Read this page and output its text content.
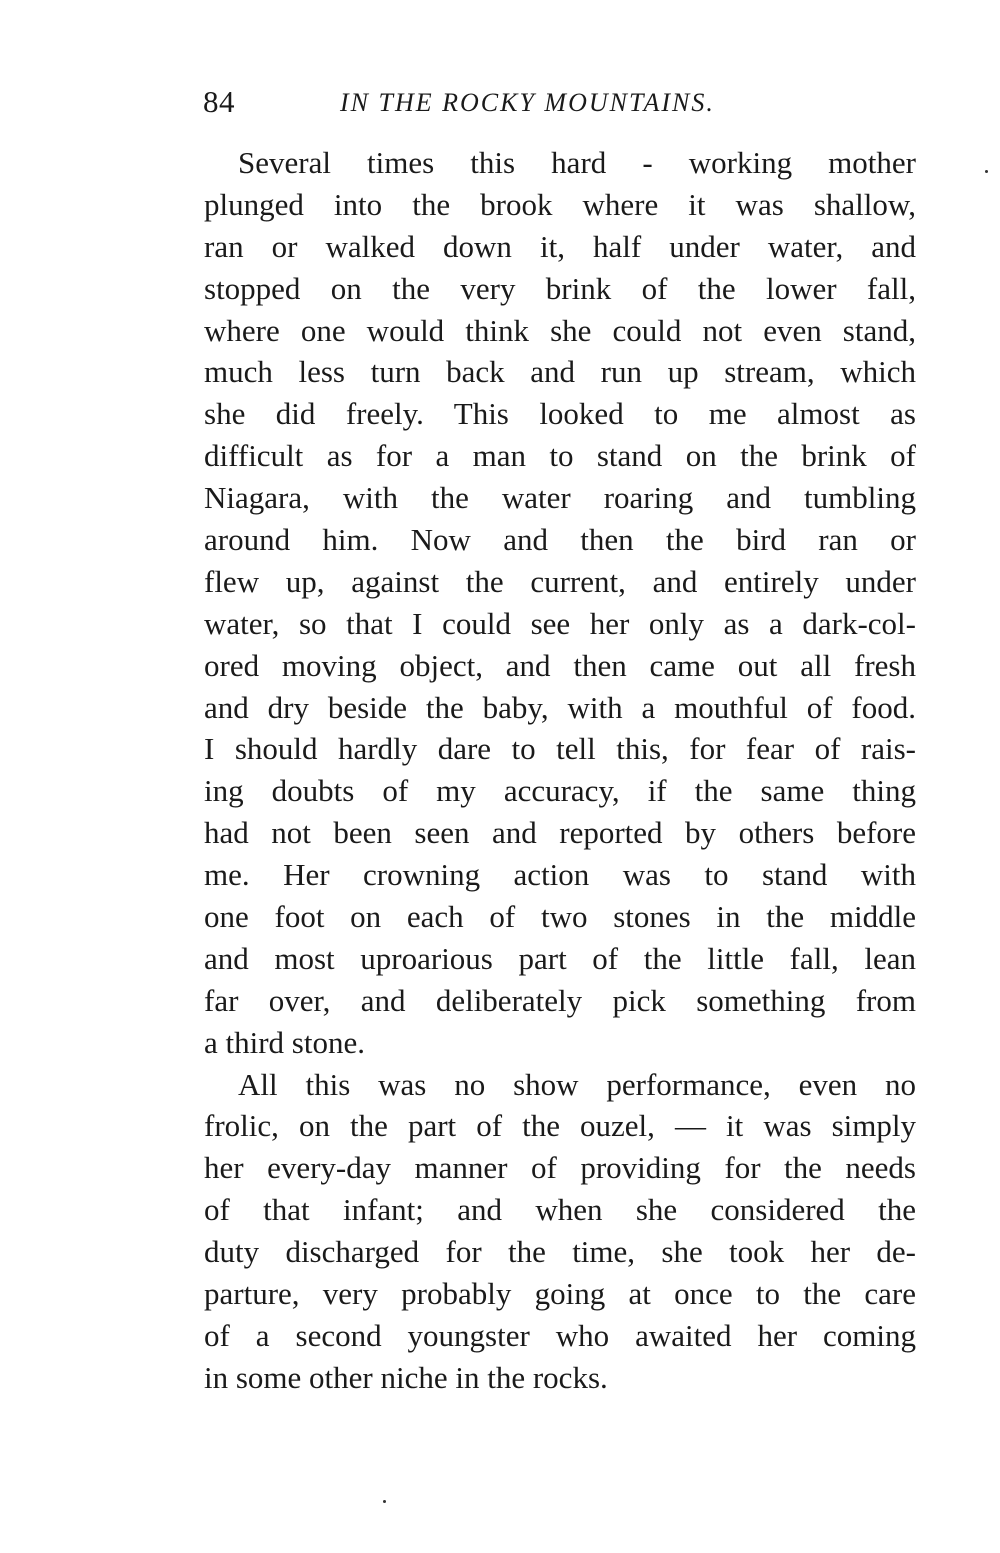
84	IN THE ROCKY MOUNTAINS.
Several times this hard - working mother
plunged into the brook where it was shallow,
ran or walked down it, half under water, and
stopped on the very brink of the lower fall,
where one would think she could not even stand,
much less turn back and run up stream, which
she did freely. This looked to me almost as
difficult as for a man to stand on the brink of
Niagara, with the water roaring and tumbling
around him. Now and then the bird ran or
flew up, against the current, and entirely under
water, so that I could see her only as a dark-col-
ored moving object, and then came out all fresh
and dry beside the baby, with a mouthful of food.
I should hardly dare to tell this, for fear of rais-
ing doubts of my accuracy, if the same thing
had not been seen and reported by others before
me. Her crowning action was to stand with
one foot on each of two stones in the middle
and most uproarious part of the little fall, lean
far over, and deliberately pick something from
a third stone.
All this was no show performance, even no
frolic, on the part of the ouzel, — it was simply
her every-day manner of providing for the needs
of that infant; and when she considered the
duty discharged for the time, she took her de-
parture, very probably going at once to the care
of a second youngster who awaited her coming
in some other niche in the rocks.
